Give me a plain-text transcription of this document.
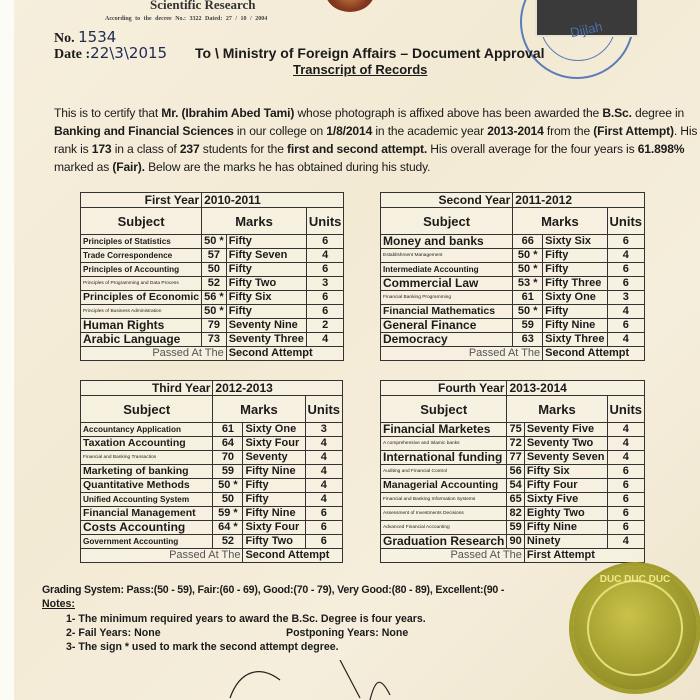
Scientific Research
According to the decree No.: 3322 Dated: 27 / 10 / 2004	Dijlah
No. 1534
Date :22\3\2015 To \ Ministry of Foreign Affairs – Document Approval
Transcript of Records
This is to certify that Mr. (Ibrahim Abed Tami) whose photograph is affixed above has been awarded the B.Sc. degree in Banking and Financial Sciences in our college on 1/8/2014 in the academic year 2013-2014 from the (First Attempt). His rank is 173 in a class of 237 students for the first and second attempt. His overall average for the four years is 61.898% marked as (Fair). Below are the marks he has obtained during his study.
First Year	2010-2011		
Subject	Marks		Units
Principles of Statistics	50 *	Fifty	6
Trade Correspondence	57	Fifty Seven	4
Principles of Accounting	50	Fifty	6
Principles of Programming and Data Process	52	Fifty Two	3
Principles of Economic	56 *	Fifty Six	6
Principles of Business Administration	50 *	Fifty	6
Human Rights	79	Seventy Nine	2
Arabic Language	73	Seventy Three	4
Passed At The		Second Attempt	
Second Year	2011-2012		
Subject	Marks		Units
Money and banks	66	Sixty Six	6
Establishment Management	50 *	Fifty	4
Intermediate Accounting	50 *	Fifty	6
Commercial Law	53 *	Fifty Three	6
Financial Banking Programming	61	Sixty One	3
Financial Mathematics	50 *	Fifty	4
General Finance	59	Fifty Nine	6
Democracy	63	Sixty Three	4
Passed At The		Second Attempt	
Third Year	2012-2013		
Subject	Marks		Units
Accountancy Application	61	Sixty One	3
Taxation Accounting	64	Sixty Four	4
Financial and Banking Transaction	70	Seventy	4
Marketing of banking	59	Fifty Nine	4
Quantitative Methods	50 *	Fifty	4
Unified Accounting System	50	Fifty	4
Financial Management	59 *	Fifty Nine	6
Costs Accounting	64 *	Sixty Four	6
Government Accounting	52	Fifty Two	6
Passed At The		Second Attempt	
Fourth Year	2013-2014		
Subject	Marks		Units
Financial Marketes	75	Seventy Five	4
A comprehensive and Islamic banks	72	Seventy Two	4
International funding	77	Seventy Seven	4
Auditing and Financial Control	56	Fifty Six	6
Managerial Accounting	54	Fifty Four	6
Financial and Banking Information Systems	65	Sixty Five	6
Assessment of Investments Decisions	82	Eighty Two	6
Advanced Financial Accounting	59	Fifty Nine	6
Graduation Research	90	Ninety	4
Passed At The		First Attempt	
Grading System: Pass:(50 - 59), Fair:(60 - 69), Good:(70 - 79), Very Good:(80 - 89), Excellent:(90 -
Notes:
1- The minimum required years to award the B.Sc. Degree is four years.
2- Fail Years: None	Postponing Years: None
3- The sign * used to mark the second attempt degree.
DUC DUC DUC
